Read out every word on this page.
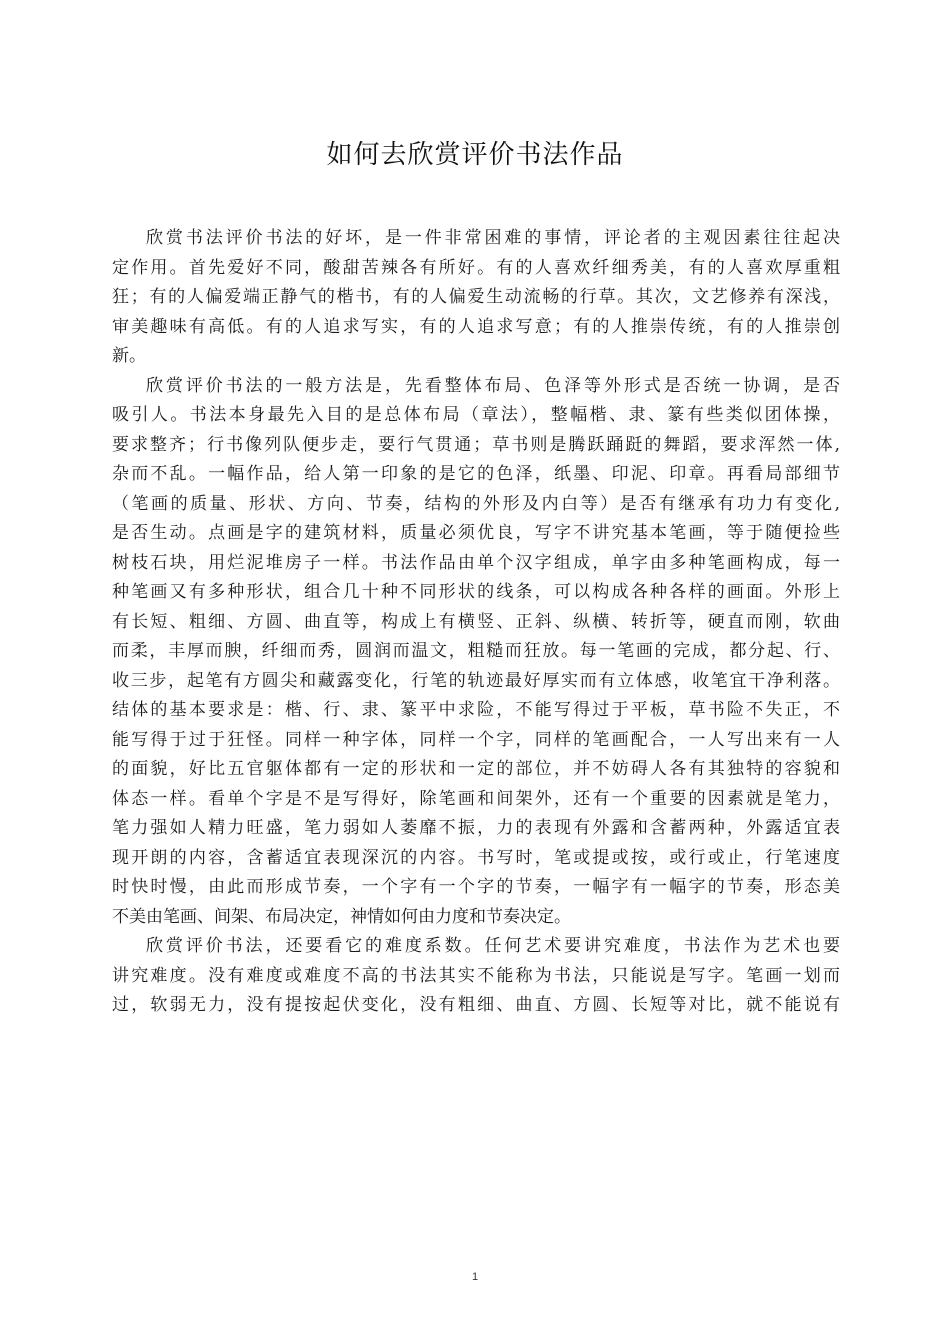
如何去欣赏评价书法作品
欣赏书法评价书法的好坏，是一件非常困难的事情，评论者的主观因素往往起决
定作用。首先爱好不同，酸甜苦辣各有所好。有的人喜欢纤细秀美，有的人喜欢厚重粗
狂；有的人偏爱端正静气的楷书，有的人偏爱生动流畅的行草。其次，文艺修养有深浅，
审美趣味有高低。有的人追求写实，有的人追求写意；有的人推崇传统，有的人推崇创
新。
欣赏评价书法的一般方法是，先看整体布局、色泽等外形式是否统一协调，是否
吸引人。书法本身最先入目的是总体布局（章法），整幅楷、隶、篆有些类似团体操，
要求整齐；行书像列队便步走，要行气贯通；草书则是腾跃踊跹的舞蹈，要求浑然一体,
杂而不乱。一幅作品，给人第一印象的是它的色泽，纸墨、印泥、印章。再看局部细节
（笔画的质量、形状、方向、节奏，结构的外形及内白等）是否有继承有功力有变化,
是否生动。点画是字的建筑材料，质量必须优良，写字不讲究基本笔画，等于随便捡些
树枝石块，用烂泥堆房子一样。书法作品由单个汉字组成，单字由多种笔画构成，每一
种笔画又有多种形状，组合几十种不同形状的线条，可以构成各种各样的画面。外形上
有长短、粗细、方圆、曲直等，构成上有横竖、正斜、纵横、转折等，硬直而刚，软曲
而柔，丰厚而腴，纤细而秀，圆润而温文，粗糙而狂放。每一笔画的完成，都分起、行、
收三步，起笔有方圆尖和藏露变化，行笔的轨迹最好厚实而有立体感，收笔宜干净利落。
结体的基本要求是：楷、行、隶、篆平中求险，不能写得过于平板，草书险不失正，不
能写得于过于狂怪。同样一种字体，同样一个字，同样的笔画配合，一人写出来有一人
的面貌，好比五官躯体都有一定的形状和一定的部位，并不妨碍人各有其独特的容貌和
体态一样。看单个字是不是写得好，除笔画和间架外，还有一个重要的因素就是笔力，
笔力强如人精力旺盛，笔力弱如人萎靡不振，力的表现有外露和含蓄两种，外露适宜表
现开朗的内容，含蓄适宜表现深沉的内容。书写时，笔或提或按，或行或止，行笔速度
时快时慢，由此而形成节奏，一个字有一个字的节奏，一幅字有一幅字的节奏，形态美
不美由笔画、间架、布局决定，神情如何由力度和节奏决定。
欣赏评价书法，还要看它的难度系数。任何艺术要讲究难度，书法作为艺术也要
讲究难度。没有难度或难度不高的书法其实不能称为书法，只能说是写字。笔画一划而
过，软弱无力，没有提按起伏变化，没有粗细、曲直、方圆、长短等对比，就不能说有
1
